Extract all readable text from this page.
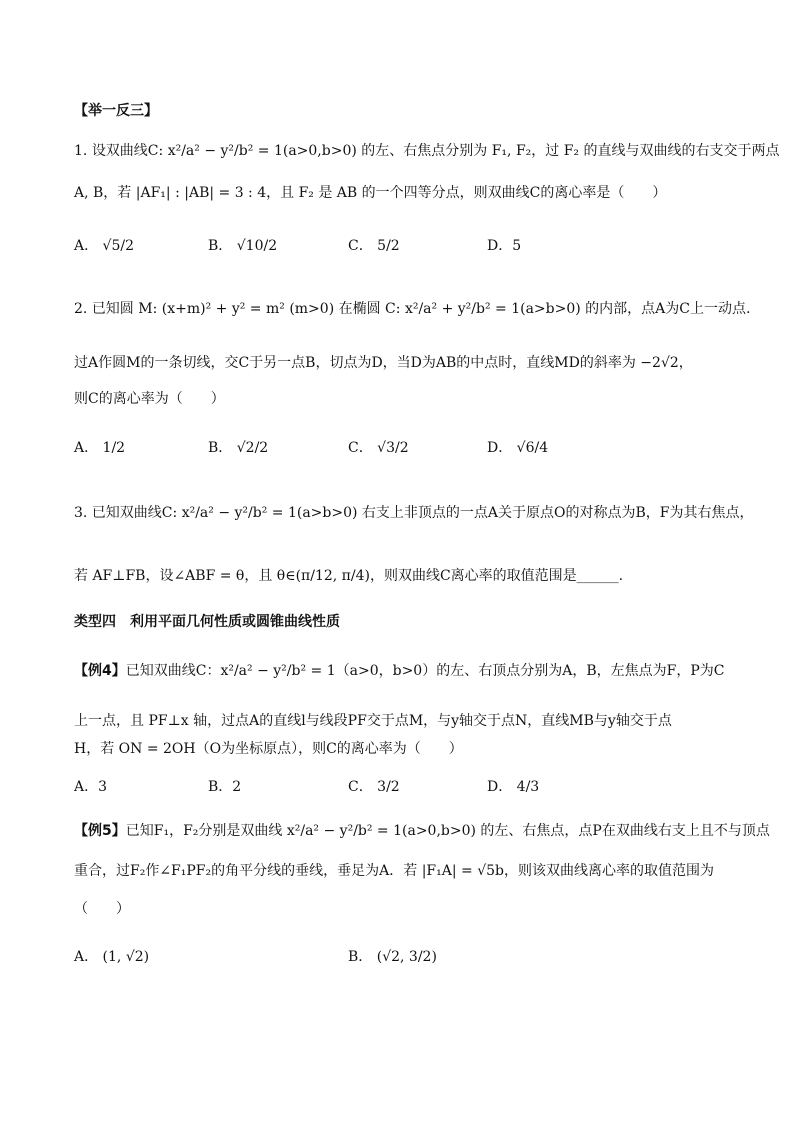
【举一反三】
1. 设双曲线C: x²/a² − y²/b² = 1(a>0,b>0) 的左、右焦点分别为 F₁, F₂，过 F₂ 的直线与双曲线的右支交于两点
A, B，若 |AF₁| : |AB| = 3 : 4，且 F₂ 是 AB 的一个四等分点，则双曲线C的离心率是（　　）
A． √5/2	B． √10/2	C． 5/2	D．5
2. 已知圆 M: (x+m)² + y² = m² (m>0) 在椭圆 C: x²/a² + y²/b² = 1(a>b>0) 的内部，点A为C上一动点.
过A作圆M的一条切线，交C于另一点B，切点为D，当D为AB的中点时，直线MD的斜率为 −2√2，
则C的离心率为（　　）
A． 1/2	B． √2/2	C． √3/2	D． √6/4
3. 已知双曲线C: x²/a² − y²/b² = 1(a>b>0) 右支上非顶点的一点A关于原点O的对称点为B，F为其右焦点，
若 AF⊥FB，设∠ABF = θ，且 θ∈(π/12, π/4)，则双曲线C离心率的取值范围是______.
类型四　利用平面几何性质或圆锥曲线性质
【例4】已知双曲线C：x²/a² − y²/b² = 1（a>0，b>0）的左、右顶点分别为A，B，左焦点为F，P为C
上一点，且 PF⊥x 轴，过点A的直线l与线段PF交于点M，与y轴交于点N，直线MB与y轴交于点
H，若 ON = 2OH（O为坐标原点），则C的离心率为（　　）
A．3	B．2	C． 3/2	D． 4/3
【例5】已知F₁，F₂分别是双曲线 x²/a² − y²/b² = 1(a>0,b>0) 的左、右焦点，点P在双曲线右支上且不与顶点
重合，过F₂作∠F₁PF₂的角平分线的垂线，垂足为A．若 |F₁A| = √5b，则该双曲线离心率的取值范围为
（　　）
A． (1, √2)	B． (√2, 3/2)
